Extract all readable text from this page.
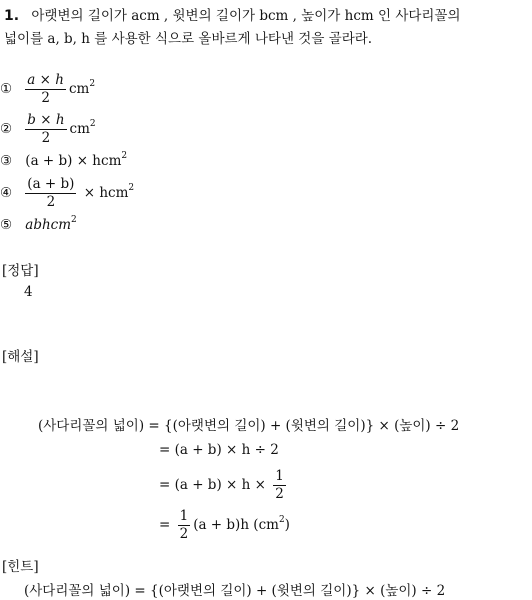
1. 아랫변의 길이가 acm , 윗변의 길이가 bcm , 높이가 hcm 인 사다리꼴의
넓이를 a, b, h 를 사용한 식으로 올바르게 나타낸 것을 골라라.
① $\frac{a \times h}{2} cm^2$
② $\frac{b \times h}{2} cm^2$
③ (a + b) × hcm$^2$
④ $\frac{(a + b)}{2} \times hcm^2$
⑤ abhcm$^2$
[정답]
4
[해설]
(사다리꼴의 넓이) = {(아랫변의 길이) + (윗변의 길이)} × (높이) ÷ 2
= (a + b) × h ÷ 2
= $(a + b) \times h \times \frac{1}{2}$
= $\frac{1}{2} (a + b)h$ $(cm^2)$
[힌트]
(사다리꼴의 넓이) = {(아랫변의 길이) + (윗변의 길이)} × (높이) ÷ 2
